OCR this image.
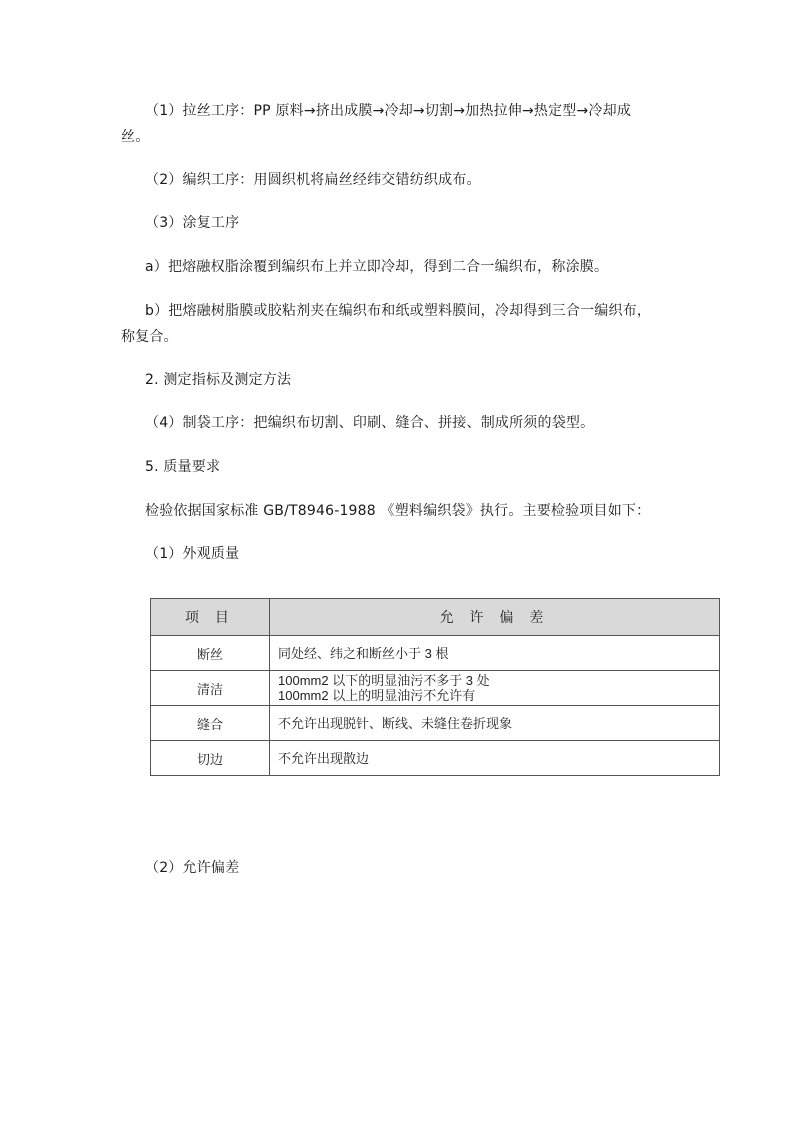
（1）拉丝工序：PP 原料→挤出成膜→冷却→切割→加热拉伸→热定型→冷却成
丝。
（2）编织工序：用圆织机将扁丝经纬交错纺织成布。
（3）涂复工序
a）把熔融权脂涂覆到编织布上并立即冷却，得到二合一编织布，称涂膜。
b）把熔融树脂膜或胶粘剂夹在编织布和纸或塑料膜间，冷却得到三合一编织布，
称复合。
2. 测定指标及测定方法
（4）制袋工序：把编织布切割、印刷、缝合、拼接、制成所须的袋型。
5. 质量要求
检验依据国家标准 GB/T8946-1988 《塑料编织袋》执行。主要检验项目如下：
（1）外观质量
项 目	允 许 偏 差
断丝	同处经、纬之和断丝小于 3 根

清洁	100mm2 以下的明显油污不多于 3 处
100mm2 以上的明显油污不允许有

缝合	不允许出现脱针、断线、未缝住卷折现象

切边	不允许出现散边
（2）允许偏差
